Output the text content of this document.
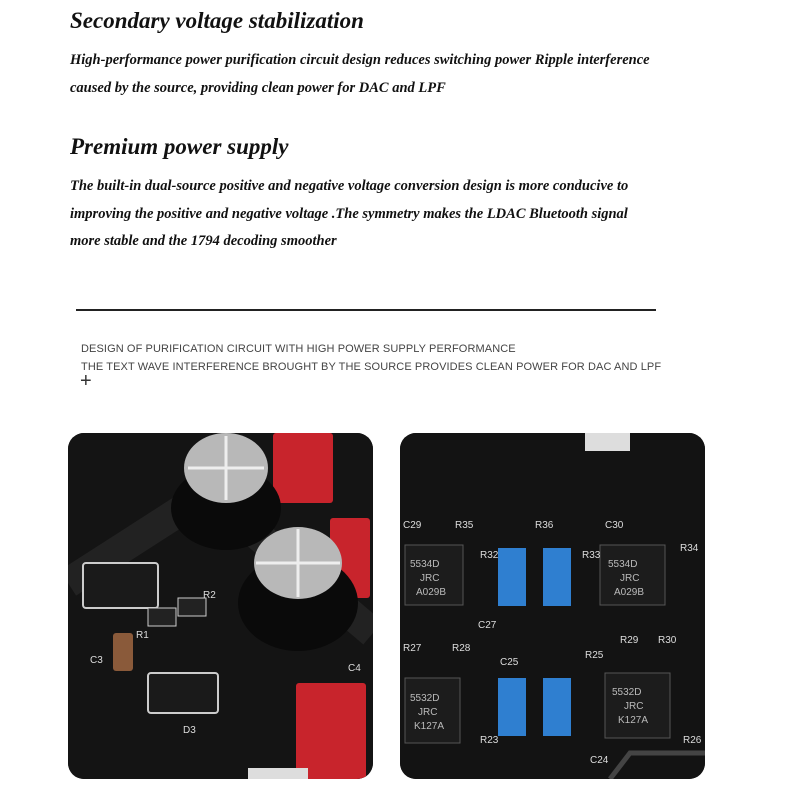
Secondary voltage stabilization
High-performance power purification circuit design reduces switching power Ripple interference
caused by the source, providing clean power for DAC and LPF
Premium power supply
The built-in dual-source positive and negative voltage conversion design is more conducive to
improving the positive and negative voltage .The symmetry makes the LDAC Bluetooth signal
more stable and the 1794 decoding smoother
DESIGN OF PURIFICATION CIRCUIT WITH HIGH POWER SUPPLY PERFORMANCE
THE TEXT WAVE INTERFERENCE BROUGHT BY THE SOURCE PROVIDES CLEAN POWER FOR DAC AND LPF
+
R1
R2
C3
D3
C4
5534D
JRC
A029B
5534D
JRC
A029B
5532D
JRC
K127A
5532D
JRC
K127A
C29	R35	R36	C30
R33
R34
R32
C27
R27	R28
C25
R25
R29 R30
R23
C24
R26
